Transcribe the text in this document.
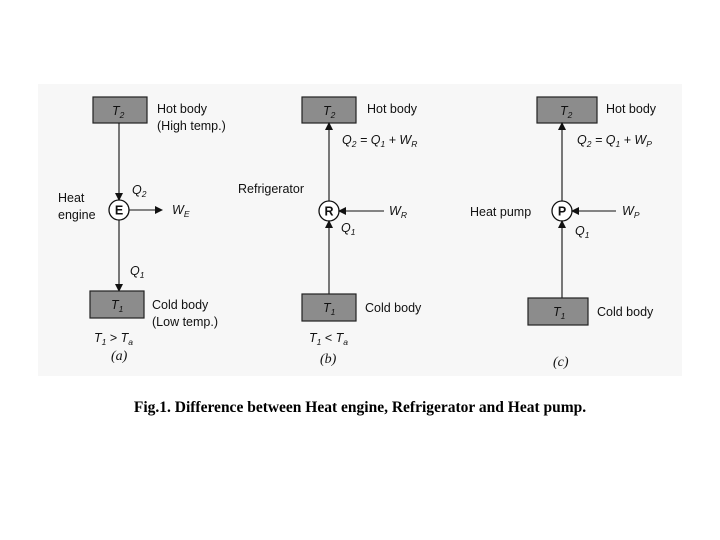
$T_2$	Hot body
(High temp.)
$Q_2$
E
Heat
engine	$W_E$
$Q_1$
$T_1$ Cold body
(Low temp.)
$T_1 > T_a$
(a)
$T_2$	Hot body
$Q_2 = Q_1 + W_R$
Refrigerator
R	$W_R$
$Q_1$
$T_1$ Cold body
$T_1 < T_a$
(b)
$T_2$	Hot body
$Q_2 = Q_1 + W_P$
Heat pump P	$W_P$
$Q_1$
$T_1$	Cold body
(c)

Fig.1. Difference between Heat engine, Refrigerator and Heat pump.
